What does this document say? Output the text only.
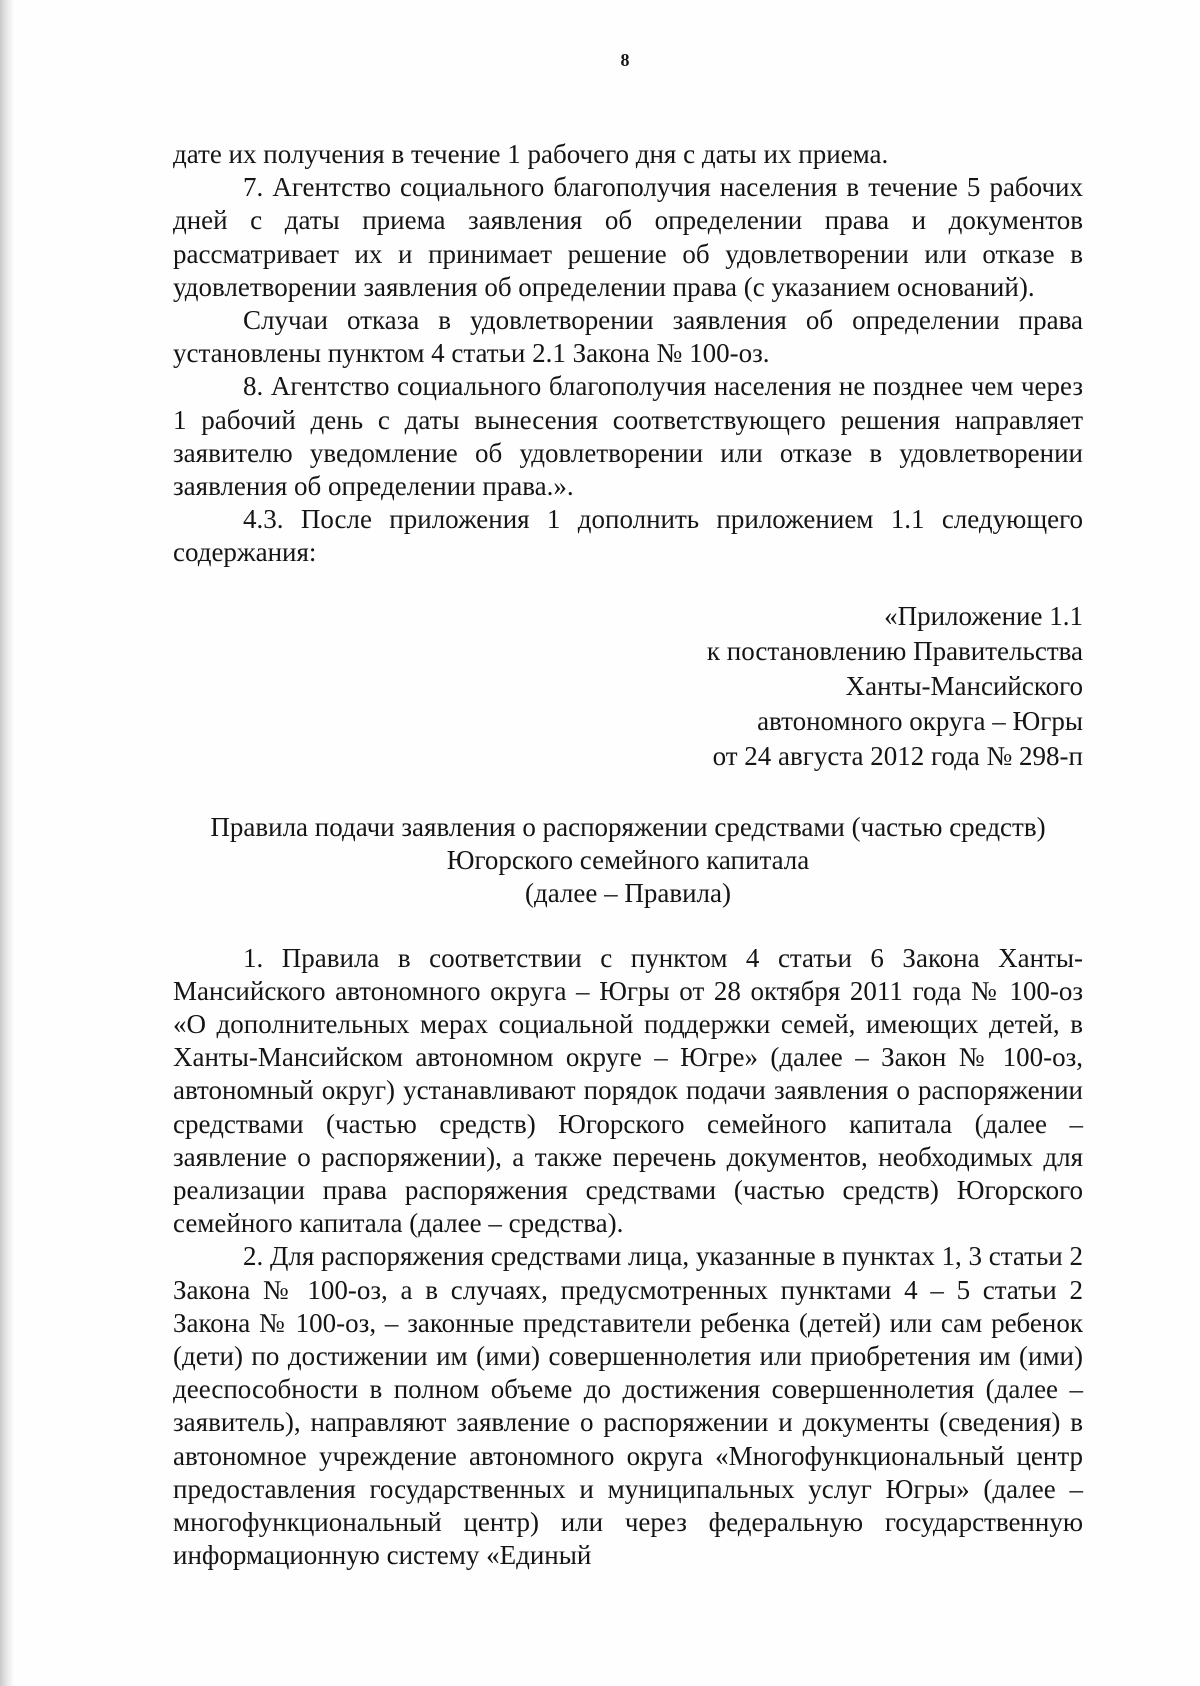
8

дате их получения в течение 1 рабочего дня с даты их приема.

7. Агентство социального благополучия населения в течение 5 рабочих дней с даты приема заявления об определении права и документов рассматривает их и принимает решение об удовлетворении или отказе в удовлетворении заявления об определении права (с указанием оснований).

Случаи отказа в удовлетворении заявления об определении права установлены пунктом 4 статьи 2.1 Закона № 100-оз.

8. Агентство социального благополучия населения не позднее чем через 1 рабочий день с даты вынесения соответствующего решения направляет заявителю уведомление об удовлетворении или отказе в удовлетворении заявления об определении права.».

4.3. После приложения 1 дополнить приложением 1.1 следующего содержания:

«Приложение 1.1
к постановлению Правительства
Ханты-Мансийского
автономного округа – Югры
от 24 августа 2012 года № 298-п
Правила подачи заявления о распоряжении средствами (частью средств)
Югорского семейного капитала
(далее – Правила)

1. Правила в соответствии с пунктом 4 статьи 6 Закона Ханты-Мансийского автономного округа – Югры от 28 октября 2011 года № 100-оз «О дополнительных мерах социальной поддержки семей, имеющих детей, в Ханты-Мансийском автономном округе – Югре» (далее – Закон № 100-оз, автономный округ) устанавливают порядок подачи заявления о распоряжении средствами (частью средств) Югорского семейного капитала (далее – заявление о распоряжении), а также перечень документов, необходимых для реализации права распоряжения средствами (частью средств) Югорского семейного капитала (далее – средства).

2. Для распоряжения средствами лица, указанные в пунктах 1, 3 статьи 2 Закона № 100-оз, а в случаях, предусмотренных пунктами 4 – 5 статьи 2 Закона № 100-оз, – законные представители ребенка (детей) или сам ребенок (дети) по достижении им (ими) совершеннолетия или приобретения им (ими) дееспособности в полном объеме до достижения совершеннолетия (далее – заявитель), направляют заявление о распоряжении и документы (сведения) в автономное учреждение автономного округа «Многофункциональный центр предоставления государственных и муниципальных услуг Югры» (далее – многофункциональный центр) или через федеральную государственную информационную систему «Единый
